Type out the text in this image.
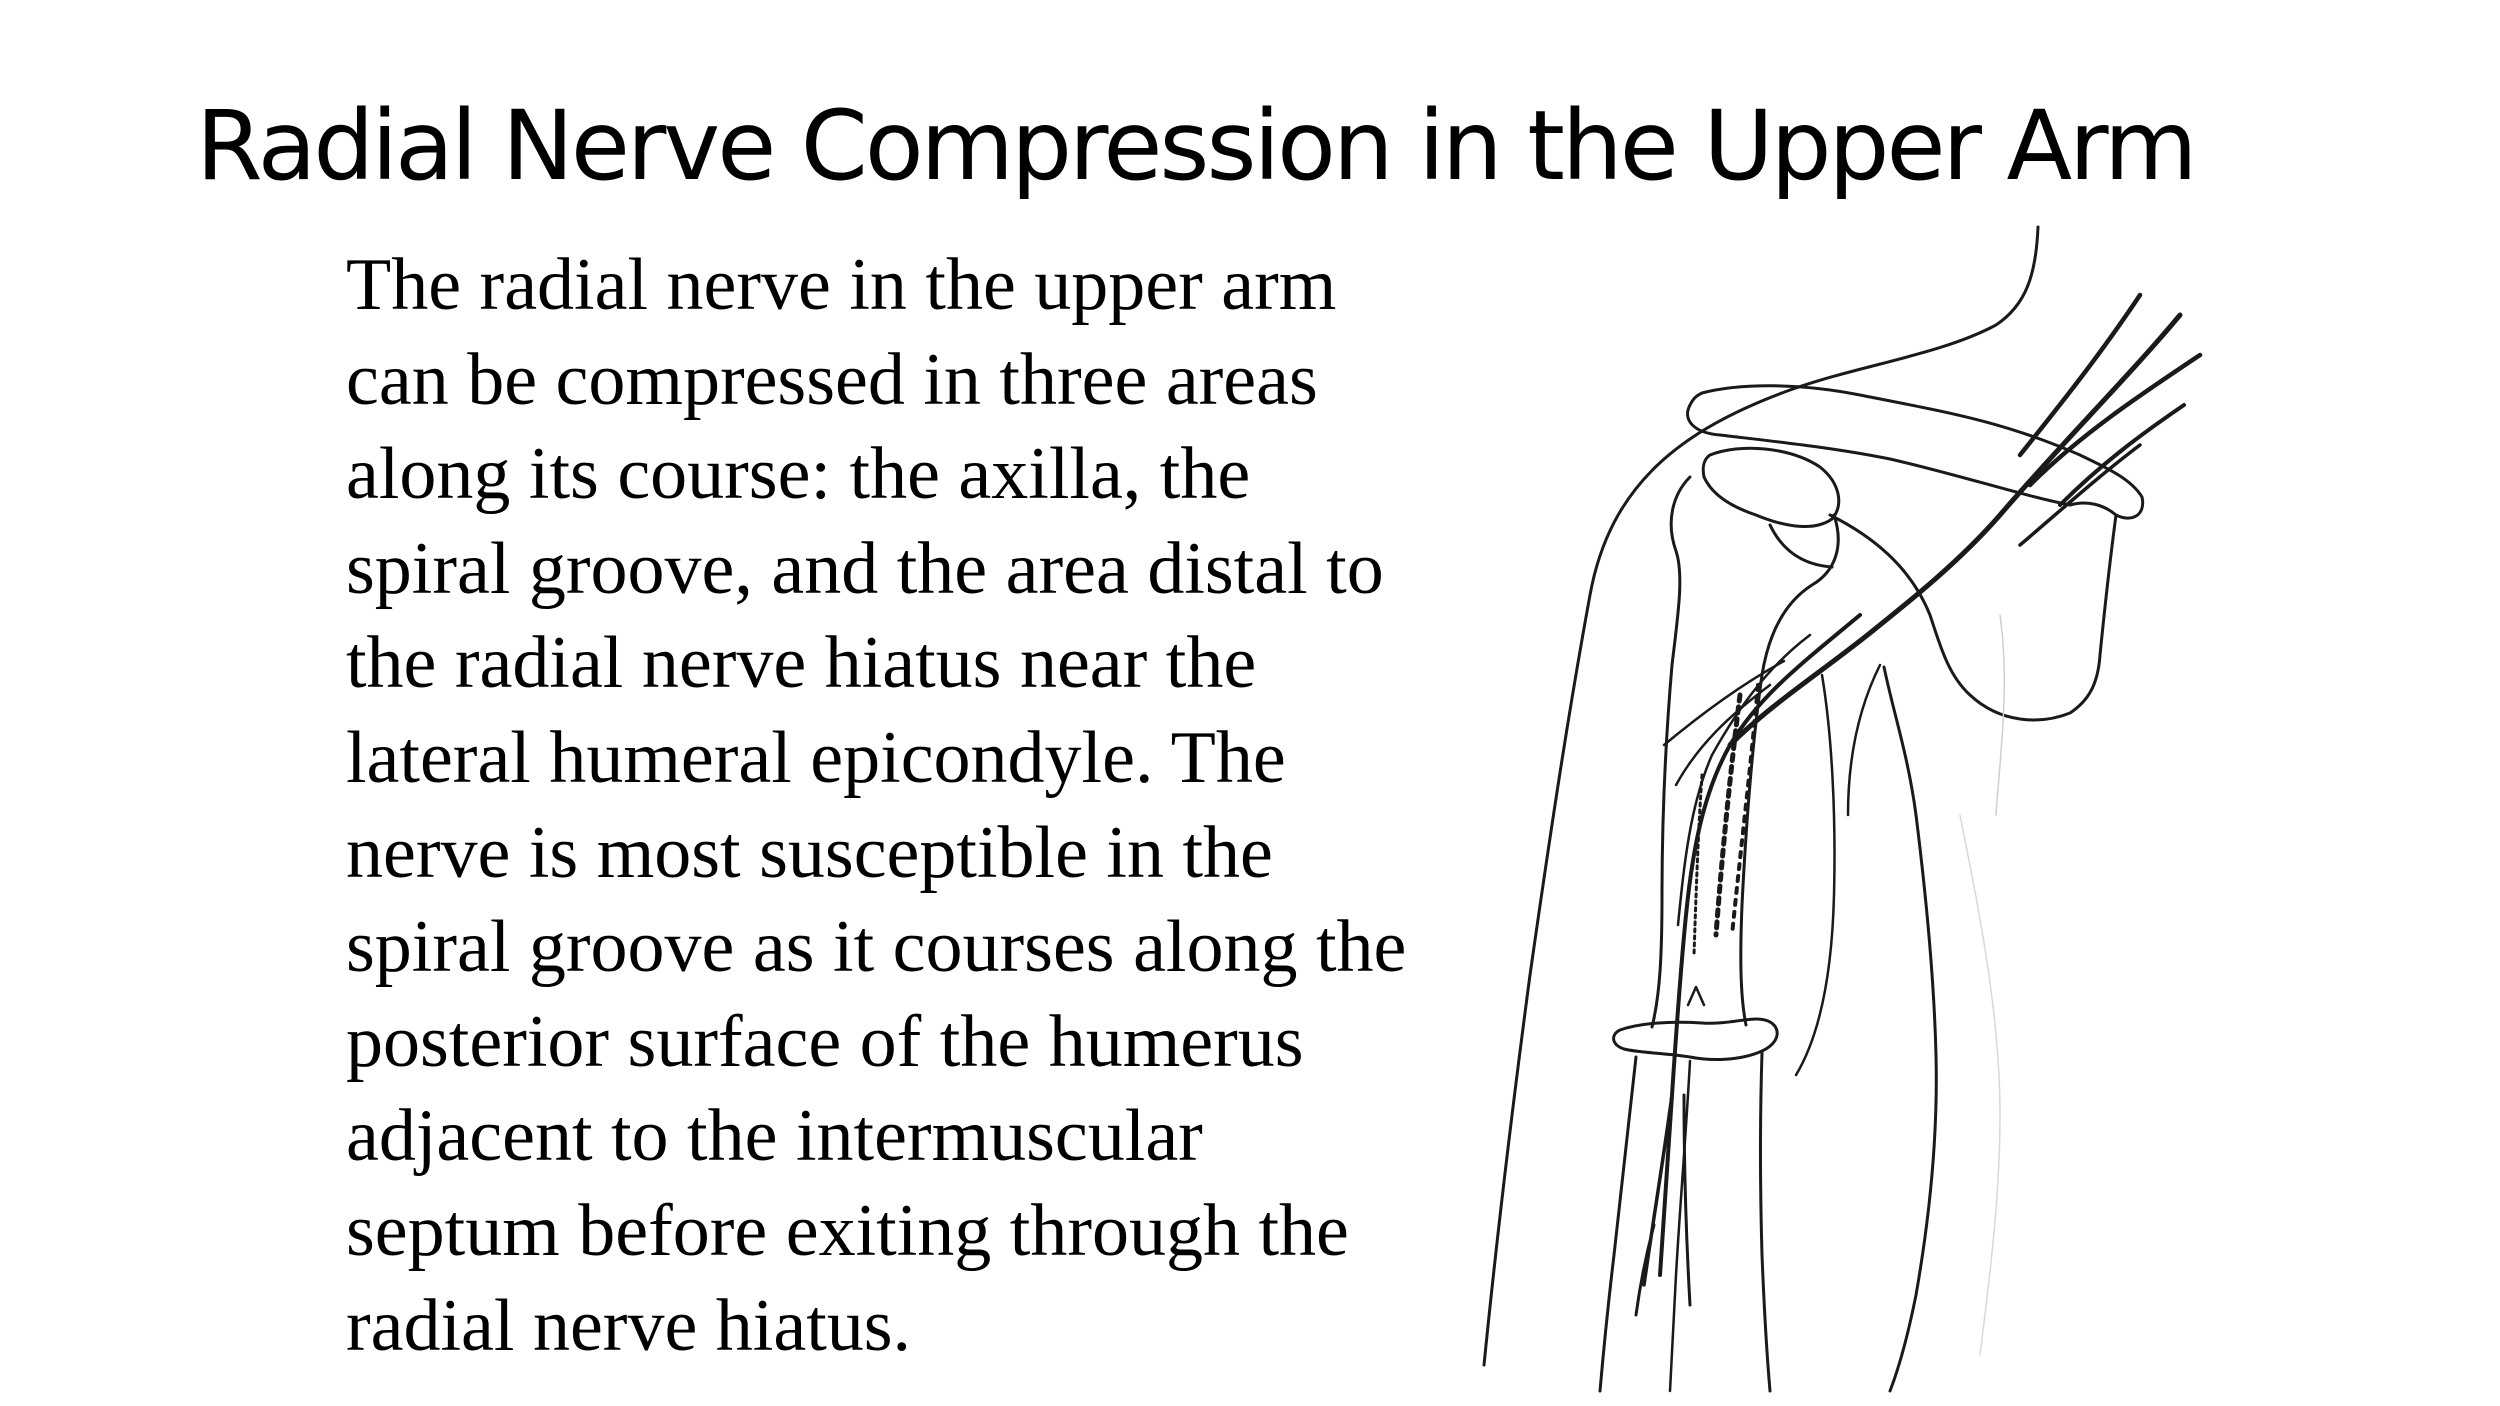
Radial Nerve Compression in the Upper Arm

The radial nerve in the upper arm
can be compressed in three areas
along its course: the axilla, the
spiral groove, and the area distal to
the radial nerve hiatus near the
lateral humeral epicondyle. The
nerve is most susceptible in the
spiral groove as it courses along the
posterior surface of the humerus
adjacent to the intermuscular
septum before exiting through the
radial nerve hiatus.
